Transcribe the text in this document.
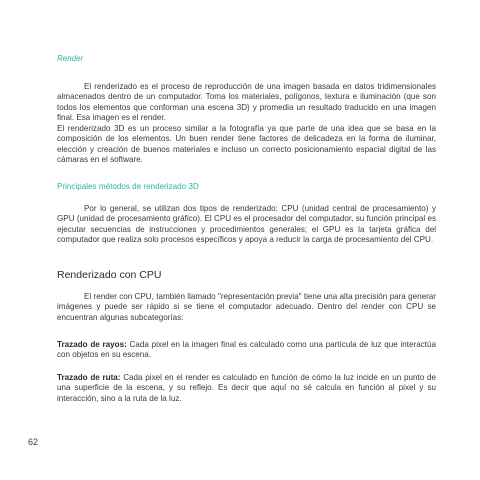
Render
El renderizado es el proceso de reproducción de una imagen basada en datos tridimensionales almacenados dentro de un computador. Toma los materiales, polígonos, textura e iluminación (que son todos los elementos que conforman una escena 3D) y promedia un resultado traducido en una imagen final. Esa imagen es el render.
El renderizado 3D es un proceso similar a la fotografía ya que parte de una idea que se basa en la composición de los elementos. Un buen render tiene factores de delicadeza en la forma de iluminar, elección y creación de buenos materiales e incluso un correcto posicionamiento espacial digital de las cámaras en el software.
Principales métodos de renderizado 3D
Por lo general, se utilizan dos tipos de renderizado: CPU (unidad central de procesamiento) y GPU (unidad de procesamiento gráfico). El CPU es el procesador del computador, su función principal es ejecutar secuencias de instrucciones y procedimientos generales; el GPU es la tarjeta gráfica del computador que realiza solo procesos específicos y apoya a reducir la carga de procesamiento del CPU.
Renderizado con CPU
El render con CPU, también llamado "representación previa" tiene una alta precisión para generar imágenes y puede ser rápido si se tiene el computador adecuado. Dentro del render con CPU se encuentran algunas subcategorías:
Trazado de rayos: Cada pixel en la imagen final es calculado como una partícula de luz que interactúa con objetos en su escena.
Trazado de ruta: Cada pixel en el render es calculado en función de cómo la luz incide en un punto de una superficie de la escena, y su reflejo. Es decir que aquí no sé calcula en función al pixel y su interacción, sino a la ruta de la luz.
62
